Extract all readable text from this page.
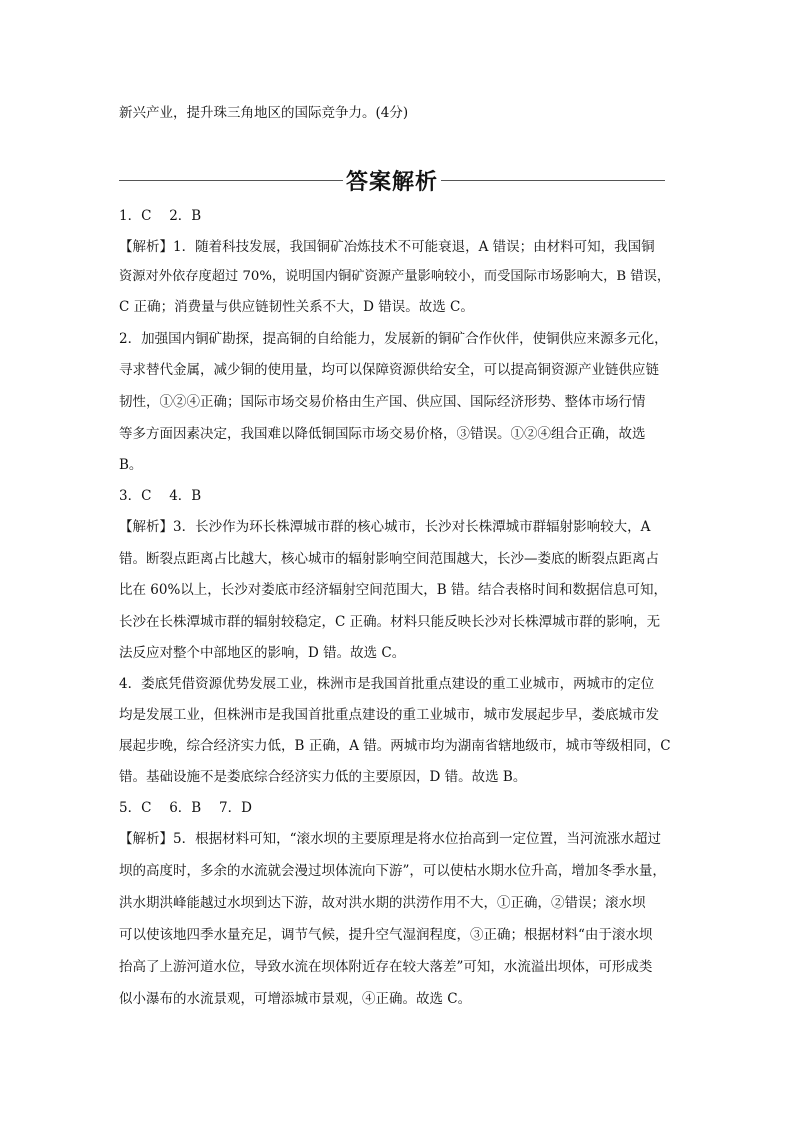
新兴产业，提升珠三角地区的国际竞争力。(4分)
答案解析
1．C　 2．B
【解析】1．随着科技发展，我国铜矿冶炼技术不可能衰退，A 错误；由材料可知，我国铜
资源对外依存度超过 70%，说明国内铜矿资源产量影响较小，而受国际市场影响大，B 错误，
C 正确；消费量与供应链韧性关系不大，D 错误。故选 C。
2．加强国内铜矿勘探，提高铜的自给能力，发展新的铜矿合作伙伴，使铜供应来源多元化，
寻求替代金属，减少铜的使用量，均可以保障资源供给安全，可以提高铜资源产业链供应链
韧性，①②④正确；国际市场交易价格由生产国、供应国、国际经济形势、整体市场行情
等多方面因素决定，我国难以降低铜国际市场交易价格，③错误。①②④组合正确，故选
B。
3．C　 4．B
【解析】3．长沙作为环长株潭城市群的核心城市，长沙对长株潭城市群辐射影响较大，A
错。断裂点距离占比越大，核心城市的辐射影响空间范围越大，长沙—娄底的断裂点距离占
比在 60%以上，长沙对娄底市经济辐射空间范围大，B 错。结合表格时间和数据信息可知，
长沙在长株潭城市群的辐射较稳定，C 正确。材料只能反映长沙对长株潭城市群的影响，无
法反应对整个中部地区的影响，D 错。故选 C。
4．娄底凭借资源优势发展工业，株洲市是我国首批重点建设的重工业城市，两城市的定位
均是发展工业，但株洲市是我国首批重点建设的重工业城市，城市发展起步早，娄底城市发
展起步晚，综合经济实力低，B 正确，A 错。两城市均为湖南省辖地级市，城市等级相同，C
错。基础设施不是娄底综合经济实力低的主要原因，D 错。故选 B。
5．C　 6．B　 7．D
【解析】5．根据材料可知，“滚水坝的主要原理是将水位抬高到一定位置，当河流涨水超过
坝的高度时，多余的水流就会漫过坝体流向下游”，可以使枯水期水位升高，增加冬季水量，
洪水期洪峰能越过水坝到达下游，故对洪水期的洪涝作用不大，①正确，②错误；滚水坝
可以使该地四季水量充足，调节气候，提升空气湿润程度，③正确；根据材料“由于滚水坝
抬高了上游河道水位，导致水流在坝体附近存在较大落差”可知，水流溢出坝体，可形成类
似小瀑布的水流景观，可增添城市景观，④正确。故选 C。
